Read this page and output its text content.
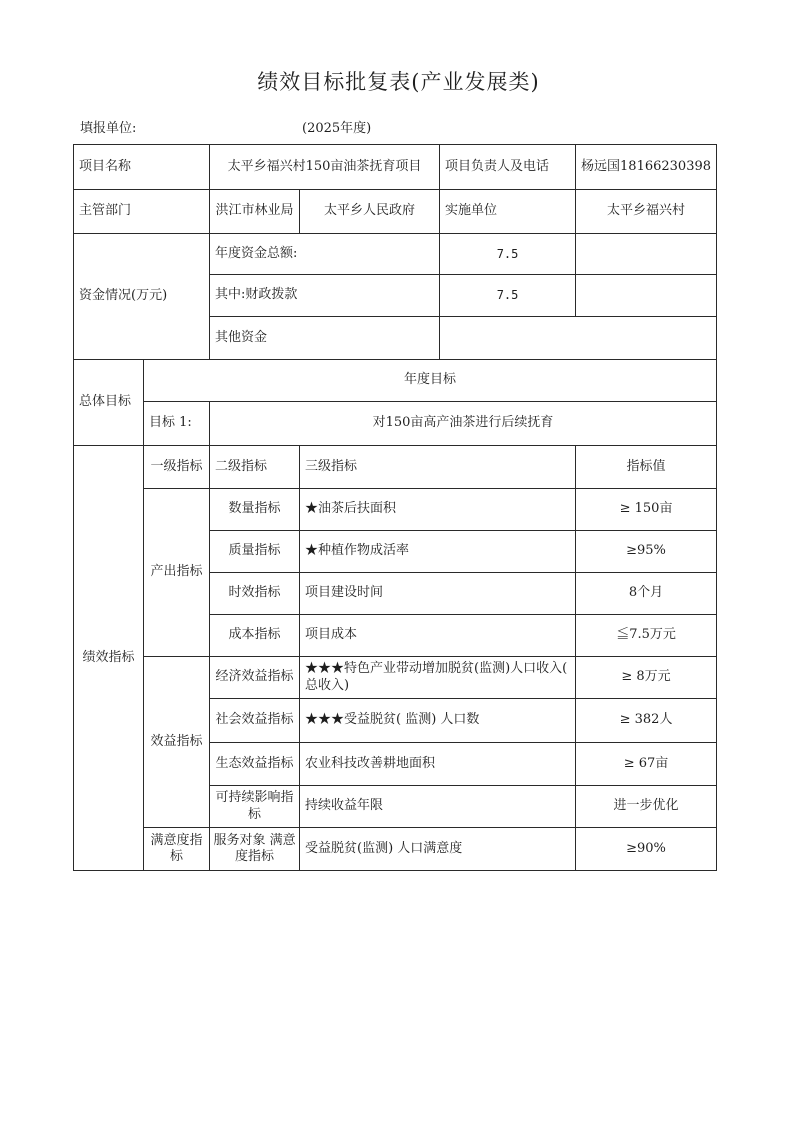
绩效目标批复表(产业发展类)
填报单位:	(2025年度)
项目名称		太平乡福兴村150亩油茶抚育项目		项目负责人及电话	杨远国18166230398
主管部门		洪江市林业局	太平乡人民政府	实施单位	太平乡福兴村
资金情况(万元)		年度资金总额:		7.5	
		其中:财政拨款		7.5	
		其他资金			
总体目标	年度目标				
	目标 1:	对150亩高产油茶进行后续抚育			
绩效指标	一级指标	二级指标	三级指标		指标值
	产出指标	数量指标	★油茶后扶面积		≥ 150亩
		质量指标	★种植作物成活率		≥95%
		时效指标	项目建设时间		8个月
		成本指标	项目成本		≦7.5万元
	效益指标	经济效益指标	★★★特色产业带动增加脱贫(监测)人口收入( 总收入)		≥ 8万元
		社会效益指标	★★★受益脱贫( 监测) 人口数		≥ 382人
		生态效益指标	农业科技改善耕地面积		≥ 67亩
		可持续影响指标	持续收益年限		进一步优化
	满意度指标	服务对象 满意度指标	受益脱贫(监测) 人口满意度		≥90%
